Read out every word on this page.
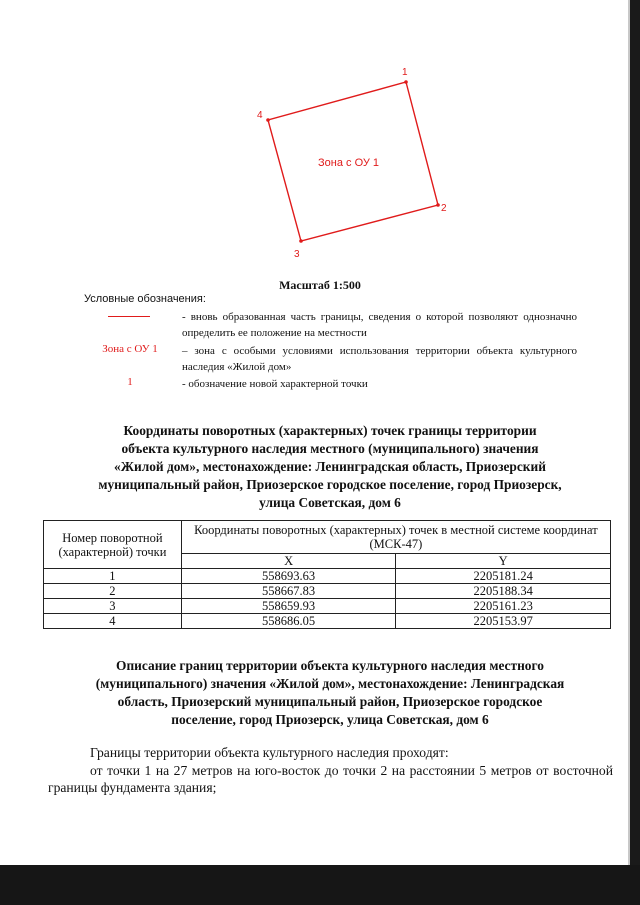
1
2
3
4
Зона с ОУ 1
Масштаб 1:500
Условные обозначения:
- вновь образованная часть границы, сведения о которой позволяют однозначно определить ее положение на местности
Зона с ОУ 1	– зона с особыми условиями использования территории объекта культурного наследия «Жилой дом»
1	- обозначение новой характерной точки
Координаты поворотных (характерных) точек границы территории
объекта культурного наследия местного (муниципального) значения
«Жилой дом», местонахождение: Ленинградская область, Приозерский
муниципальный район, Приозерское городское поселение, город Приозерск,
улица Советская, дом 6
Номер поворотной (характерной) точки	Координаты поворотных (характерных) точек в местной системе координат (МСК-47)	
	X	Y
1	558693.63	2205181.24
2	558667.83	2205188.34
3	558659.93	2205161.23
4	558686.05	2205153.97
Описание границ территории объекта культурного наследия местного
(муниципального) значения «Жилой дом», местонахождение: Ленинградская
область, Приозерский муниципальный район, Приозерское городское
поселение, город Приозерск, улица Советская, дом 6
Границы территории объекта культурного наследия проходят:
от точки 1 на 27 метров на юго-восток до точки 2 на расстоянии 5 метров от восточной границы фундамента здания;
